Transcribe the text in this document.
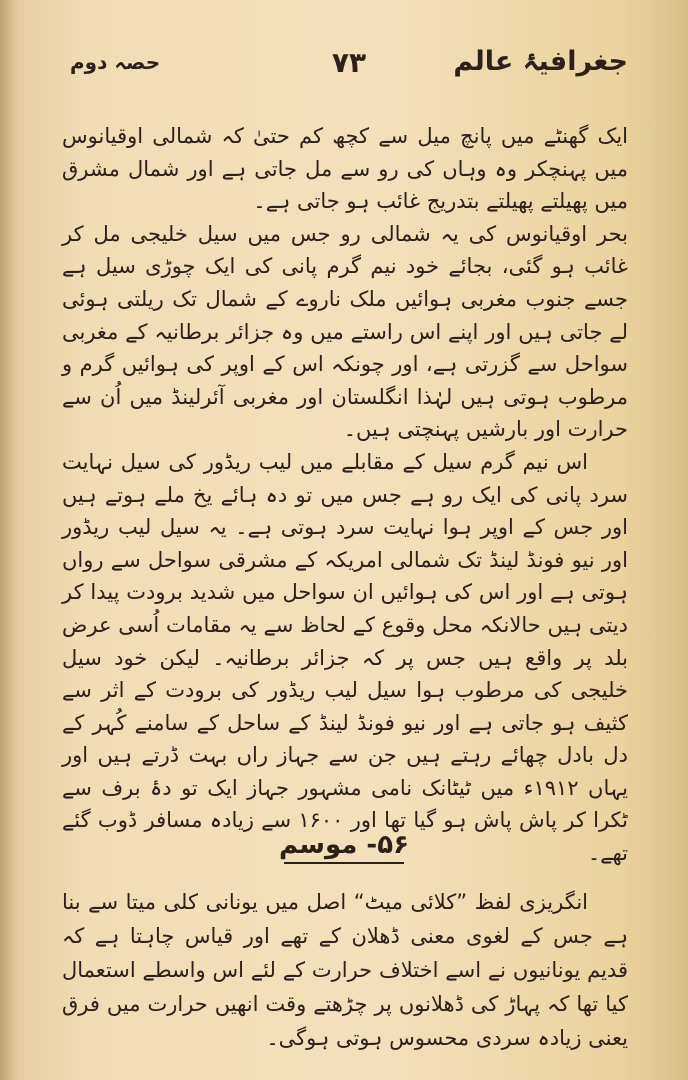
جغرافیۂ عالم
۷۳
حصہ دوم

ایک گھنٹے میں پانچ میل سے کچھ کم حتیٰ کہ شمالی اوقیانوس میں پہنچکر وہ وہاں کی رو سے مل جاتی ہے اور شمال مشرق میں پھیلتے پھیلتے بتدریج غائب ہو جاتی ہے۔

بحر اوقیانوس کی یہ شمالی رو جس میں سیل خلیجی مل کر غائب ہو گئی، بجائے خود نیم گرم پانی کی ایک چوڑی سیل ہے جسے جنوب مغربی ہوائیں ملک ناروے کے شمال تک ریلتی ہوئی لے جاتی ہیں اور اپنے اس راستے میں وہ جزائر برطانیہ کے مغربی سواحل سے گزرتی ہے، اور چونکہ اس کے اوپر کی ہوائیں گرم و مرطوب ہوتی ہیں لہٰذا انگلستان اور مغربی آئرلینڈ میں اُن سے حرارت اور بارشیں پہنچتی ہیں۔

اس نیم گرم سیل کے مقابلے میں لیب ریڈور کی سیل نہایت سرد پانی کی ایک رو ہے جس میں تو دہ ہائے یخ ملے ہوتے ہیں اور جس کے اوپر ہوا نہایت سرد ہوتی ہے۔ یہ سیل لیب ریڈور اور نیو فونڈ لینڈ تک شمالی امریکہ کے مشرقی سواحل سے رواں ہوتی ہے اور اس کی ہوائیں ان سواحل میں شدید برودت پیدا کر دیتی ہیں حالانکہ محل وقوع کے لحاظ سے یہ مقامات اُسی عرض بلد پر واقع ہیں جس پر کہ جزائر برطانیہ۔ لیکن خود سیل خلیجی کی مرطوب ہوا سیل لیب ریڈور کی برودت کے اثر سے کثیف ہو جاتی ہے اور نیو فونڈ لینڈ کے ساحل کے سامنے کُہر کے دل بادل چھائے رہتے ہیں جن سے جہاز راں بہت ڈرتے ہیں اور یہاں ۱۹۱۲ء میں ٹیٹانک نامی مشہور جہاز ایک تو دۂ برف سے ٹکرا کر پاش پاش ہو گیا تھا اور ۱۶۰۰ سے زیادہ مسافر ڈوب گئے تھے۔

۵۶- موسم

انگریزی لفظ ”کلائی میٹ“ اصل میں یونانی کلی میتا سے بنا ہے جس کے لغوی معنی ڈھلان کے تھے اور قیاس چاہتا ہے کہ قدیم یونانیوں نے اسے اختلاف حرارت کے لئے اس واسطے استعمال کیا تھا کہ پہاڑ کی ڈھلانوں پر چڑھتے وقت انھیں حرارت میں فرق یعنی زیادہ سردی محسوس ہوتی ہوگی۔
